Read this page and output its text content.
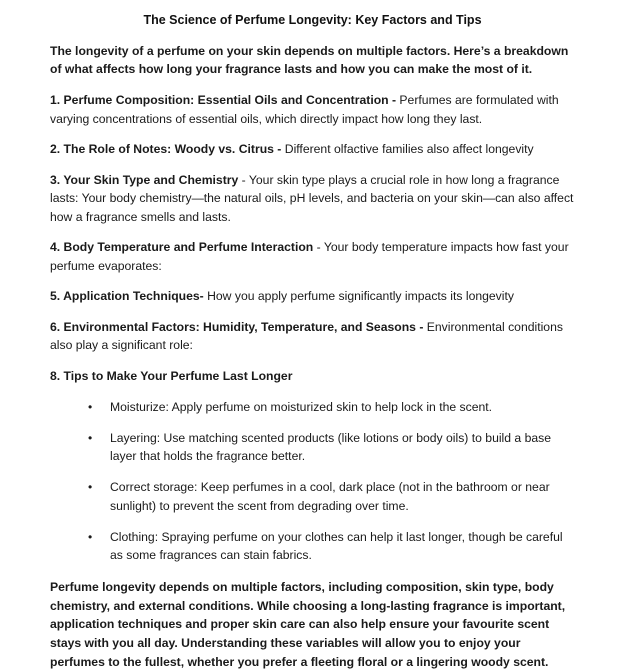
The Science of Perfume Longevity: Key Factors and Tips

The longevity of a perfume on your skin depends on multiple factors. Here’s a breakdown of what affects how long your fragrance lasts and how you can make the most of it.

1. Perfume Composition: Essential Oils and Concentration - Perfumes are formulated with varying concentrations of essential oils, which directly impact how long they last.

2. The Role of Notes: Woody vs. Citrus - Different olfactive families also affect longevity

3. Your Skin Type and Chemistry - Your skin type plays a crucial role in how long a fragrance lasts: Your body chemistry—the natural oils, pH levels, and bacteria on your skin—can also affect how a fragrance smells and lasts.

4. Body Temperature and Perfume Interaction - Your body temperature impacts how fast your perfume evaporates:

5. Application Techniques- How you apply perfume significantly impacts its longevity

6. Environmental Factors: Humidity, Temperature, and Seasons - Environmental conditions also play a significant role:

8. Tips to Make Your Perfume Last Longer

• Moisturize: Apply perfume on moisturized skin to help lock in the scent.
• Layering: Use matching scented products (like lotions or body oils) to build a base layer that holds the fragrance better.
• Correct storage: Keep perfumes in a cool, dark place (not in the bathroom or near sunlight) to prevent the scent from degrading over time.
• Clothing: Spraying perfume on your clothes can help it last longer, though be careful as some fragrances can stain fabrics.

Perfume longevity depends on multiple factors, including composition, skin type, body chemistry, and external conditions. While choosing a long-lasting fragrance is important, application techniques and proper skin care can also help ensure your favourite scent stays with you all day. Understanding these variables will allow you to enjoy your perfumes to the fullest, whether you prefer a fleeting floral or a lingering woody scent.
